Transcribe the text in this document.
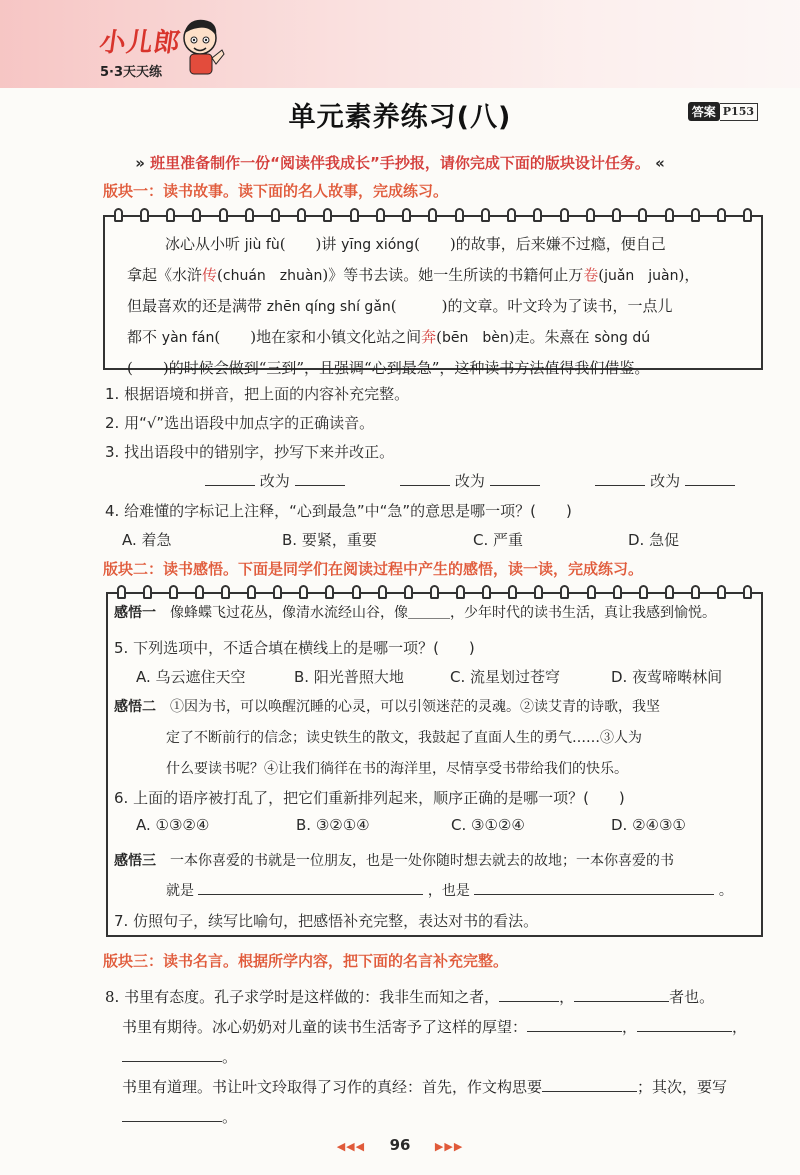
小儿郎
5·3天天练
单元素养练习(八)	答案 P153
» 班里准备制作一份“阅读伴我成长”手抄报，请你完成下面的版块设计任务。 «
版块一：读书故事。读下面的名人故事，完成练习。
冰心从小听 jiù fù(　　)讲 yīng xióng(　　)的故事，后来嫌不过瘾，便自己
拿起《水浒传(chuán　zhuàn)》等书去读。她一生所读的书籍何止万卷(juǎn　juàn)，
但最喜欢的还是满带 zhēn qíng shí gǎn(　　　)的文章。叶文玲为了读书，一点儿
都不 yàn fán(　　)地在家和小镇文化站之间奔(bēn　bèn)走。朱熹在 sòng dú
(　　)的时候会做到“三到”，且强调“心到最急”，这种读书方法值得我们借鉴。
1. 根据语境和拼音，把上面的内容补充完整。
2. 用“√”选出语段中加点字的正确读音。
3. 找出语段中的错别字，抄写下来并改正。
改为	改为	改为
4. 给难懂的字标记上注释，“心到最急”中“急”的意思是哪一项？(　　)
A. 着急	B. 要紧，重要	C. 严重	D. 急促
版块二：读书感悟。下面是同学们在阅读过程中产生的感悟，读一读，完成练习。
感悟一　 像蜂蝶飞过花丛，像清水流经山谷，像＿＿＿，少年时代的读书生活，真让我感到愉悦。
5. 下列选项中，不适合填在横线上的是哪一项？(　　)
A. 乌云遮住天空	B. 阳光普照大地	C. 流星划过苍穹	D. 夜莺啼啭林间
感悟二　 ①因为书，可以唤醒沉睡的心灵，可以引领迷茫的灵魂。②读艾青的诗歌，我坚
定了不断前行的信念；读史铁生的散文，我鼓起了直面人生的勇气……③人为
什么要读书呢？④让我们徜徉在书的海洋里，尽情享受书带给我们的快乐。
6. 上面的语序被打乱了，把它们重新排列起来，顺序正确的是哪一项？(　　)
A. ①③②④	B. ③②①④	C. ③①②④	D. ②④③①
感悟三　 一本你喜爱的书就是一位朋友，也是一处你随时想去就去的故地；一本你喜爱的书
就是	，也是	。
7. 仿照句子，续写比喻句，把感悟补充完整，表达对书的看法。
版块三：读书名言。根据所学内容，把下面的名言补充完整。
8. 书里有态度。孔子求学时是这样做的：我非生而知之者，	，	者也。
书里有期待。冰心奶奶对儿童的读书生活寄予了这样的厚望：	，	，
。
书里有道理。书让叶文玲取得了习作的真经：首先，作文构思要	；其次，要写
。
◀◀◀ 96 ▶▶▶
